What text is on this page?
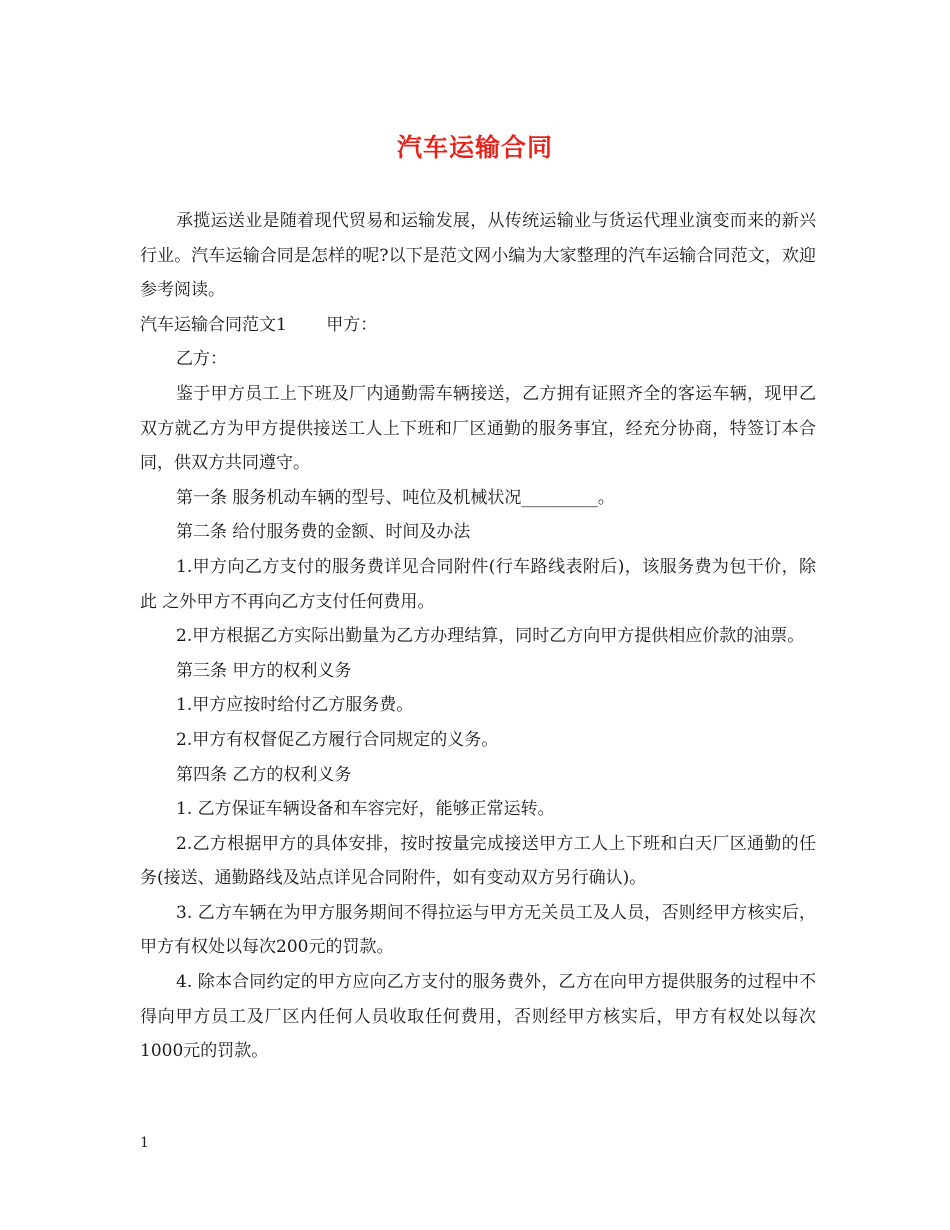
汽车运输合同

承揽运送业是随着现代贸易和运输发展，从传统运输业与货运代理业演变而来的新兴行业。汽车运输合同是怎样的呢?以下是范文网小编为大家整理的汽车运输合同范文，欢迎参考阅读。

汽车运输合同范文1　　 甲方：

乙方：

鉴于甲方员工上下班及厂内通勤需车辆接送，乙方拥有证照齐全的客运车辆，现甲乙双方就乙方为甲方提供接送工人上下班和厂区通勤的服务事宜，经充分协商，特签订本合同，供双方共同遵守。

第一条 服务机动车辆的型号、吨位及机械状况_________。

第二条 给付服务费的金额、时间及办法

1.甲方向乙方支付的服务费详见合同附件(行车路线表附后)，该服务费为包干价，除此 之外甲方不再向乙方支付任何费用。

2.甲方根据乙方实际出勤量为乙方办理结算，同时乙方向甲方提供相应价款的油票。

第三条 甲方的权利义务

1.甲方应按时给付乙方服务费。

2.甲方有权督促乙方履行合同规定的义务。

第四条 乙方的权利义务

1. 乙方保证车辆设备和车容完好，能够正常运转。

2.乙方根据甲方的具体安排，按时按量完成接送甲方工人上下班和白天厂区通勤的任 务(接送、通勤路线及站点详见合同附件，如有变动双方另行确认)。

3. 乙方车辆在为甲方服务期间不得拉运与甲方无关员工及人员，否则经甲方核实后， 甲方有权处以每次200元的罚款。

4. 除本合同约定的甲方应向乙方支付的服务费外，乙方在向甲方提供服务的过程中不 得向甲方员工及厂区内任何人员收取任何费用，否则经甲方核实后，甲方有权处以每次 1000元的罚款。

1
